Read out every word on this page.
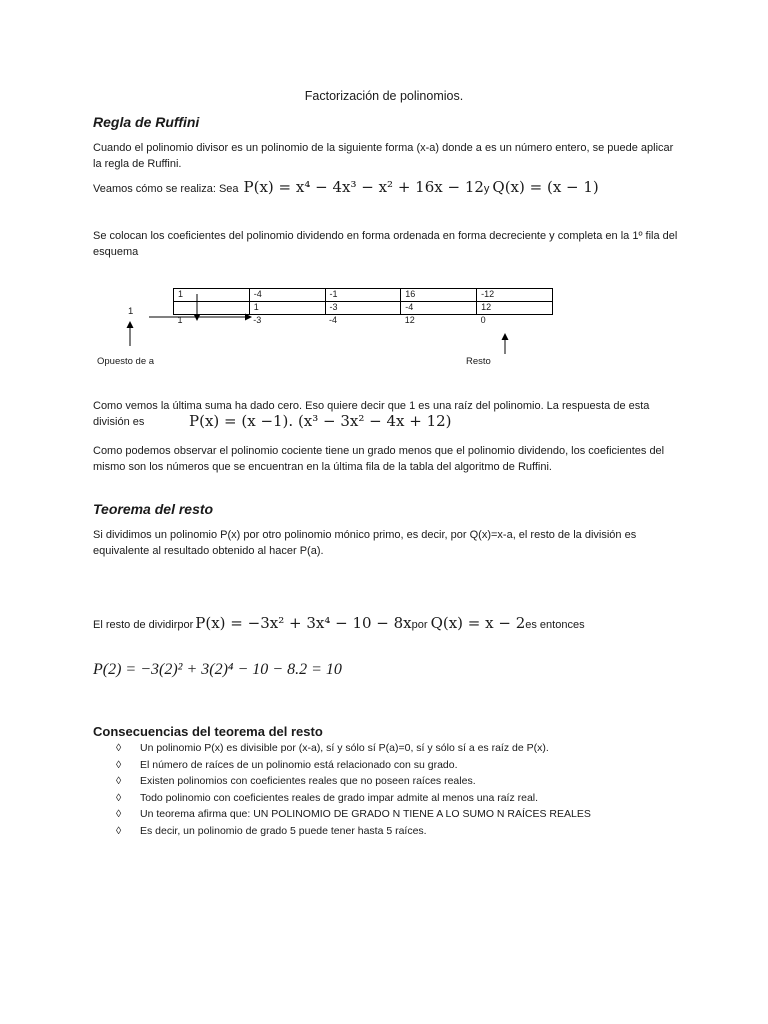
Factorización de polinomios.
Regla de Ruffini
Cuando el polinomio divisor es un polinomio de la siguiente forma (x-a) donde a es un número entero, se puede aplicar la regla de Ruffini.
Veamos cómo se realiza: Sea P(x) = x⁴ − 4x³ − x² + 16x − 12 y Q(x) = (x − 1)
Se colocan los coeficientes del polinomio dividendo en forma ordenada en forma decreciente y completa en la 1º fila del esquema
1
1	-4	-1	16	-12
	1	-3	-4	12
1	-3	-4	12	0
Opuesto de a	Resto
Como vemos la última suma ha dado cero. Eso quiere decir que 1 es una raíz del polinomio. La respuesta de esta división es	P(x) = (x −1). (x³ − 3x² − 4x + 12)
Como podemos observar el polinomio cociente tiene un grado menos que el polinomio dividendo, los coeficientes del mismo son los números que se encuentran en la última fila de la tabla del algoritmo de Ruffini.
Teorema del resto
Si dividimos un polinomio P(x) por otro polinomio mónico primo, es decir, por Q(x)=x-a, el resto de la división es equivalente al resultado obtenido al hacer P(a).
El resto de dividirpor P(x) = −3x² + 3x⁴ − 10 − 8x por Q(x) = x − 2 es entonces
P(2) = −3(2)² + 3(2)⁴ − 10 − 8.2 = 10
Consecuencias del teorema del resto
◊ Un polinomio P(x) es divisible por (x-a), sí y sólo sí P(a)=0, sí y sólo sí a es raíz de P(x).
◊ El número de raíces de un polinomio está relacionado con su grado.
◊ Existen polinomios con coeficientes reales que no poseen raíces reales.
◊ Todo polinomio con coeficientes reales de grado impar admite al menos una raíz real.
◊ Un teorema afirma que: UN POLINOMIO DE GRADO N TIENE A LO SUMO N RAÍCES REALES
◊ Es decir, un polinomio de grado 5 puede tener hasta 5 raíces.
